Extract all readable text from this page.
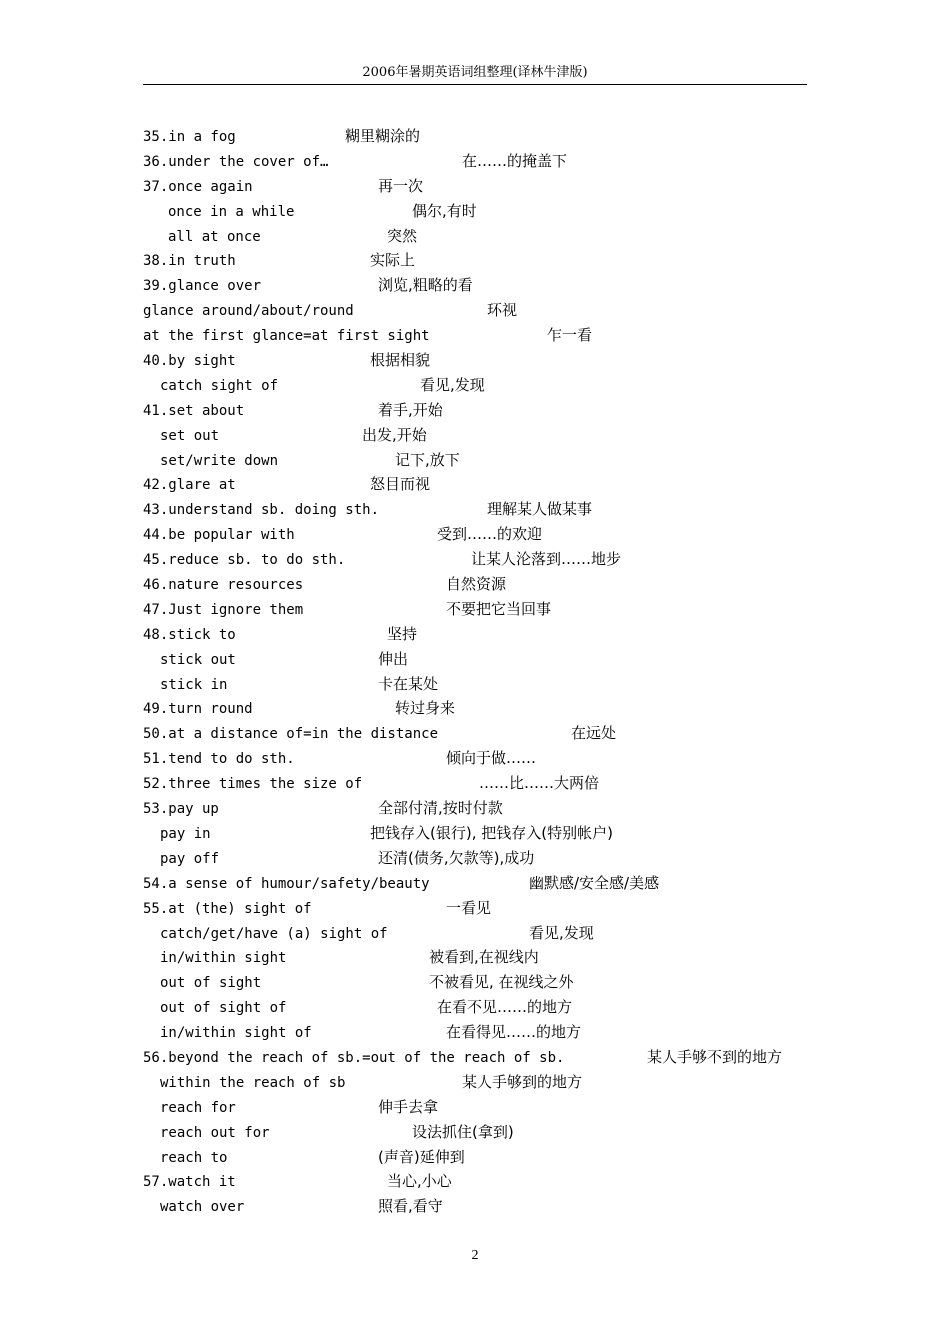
2006年暑期英语词组整理(译林牛津版)
35.in a fog	糊里糊涂的
36.under the cover of…	在……的掩盖下
37.once again	再一次
once in a while	偶尔,有时
all at once	突然
38.in truth	实际上
39.glance over	浏览,粗略的看
glance around/about/round	环视
at the first glance=at first sight	乍一看
40.by sight	根据相貌
catch sight of	看见,发现
41.set about	着手,开始
set out	出发,开始
set/write down	记下,放下
42.glare at	怒目而视
43.understand sb. doing sth.	理解某人做某事
44.be popular with	受到……的欢迎
45.reduce sb. to do sth.	让某人沦落到……地步
46.nature resources	自然资源
47.Just ignore them	不要把它当回事
48.stick to	坚持
stick out	伸出
stick in	卡在某处
49.turn round	转过身来
50.at a distance of=in the distance	在远处
51.tend to do sth.	倾向于做……
52.three times the size of	……比……大两倍
53.pay up	全部付清,按时付款
pay in	把钱存入(银行), 把钱存入(特别帐户)
pay off	还清(债务,欠款等),成功
54.a sense of humour/safety/beauty	幽默感/安全感/美感
55.at (the) sight of	一看见
catch/get/have (a) sight of	看见,发现
in/within sight	被看到,在视线内
out of sight	不被看见, 在视线之外
out of sight of	在看不见……的地方
in/within sight of	在看得见……的地方
56.beyond the reach of sb.=out of the reach of sb.	某人手够不到的地方
within the reach of sb	某人手够到的地方
reach for	伸手去拿
reach out for	设法抓住(拿到)
reach to	(声音)延伸到
57.watch it	当心,小心
watch over	照看,看守
2
